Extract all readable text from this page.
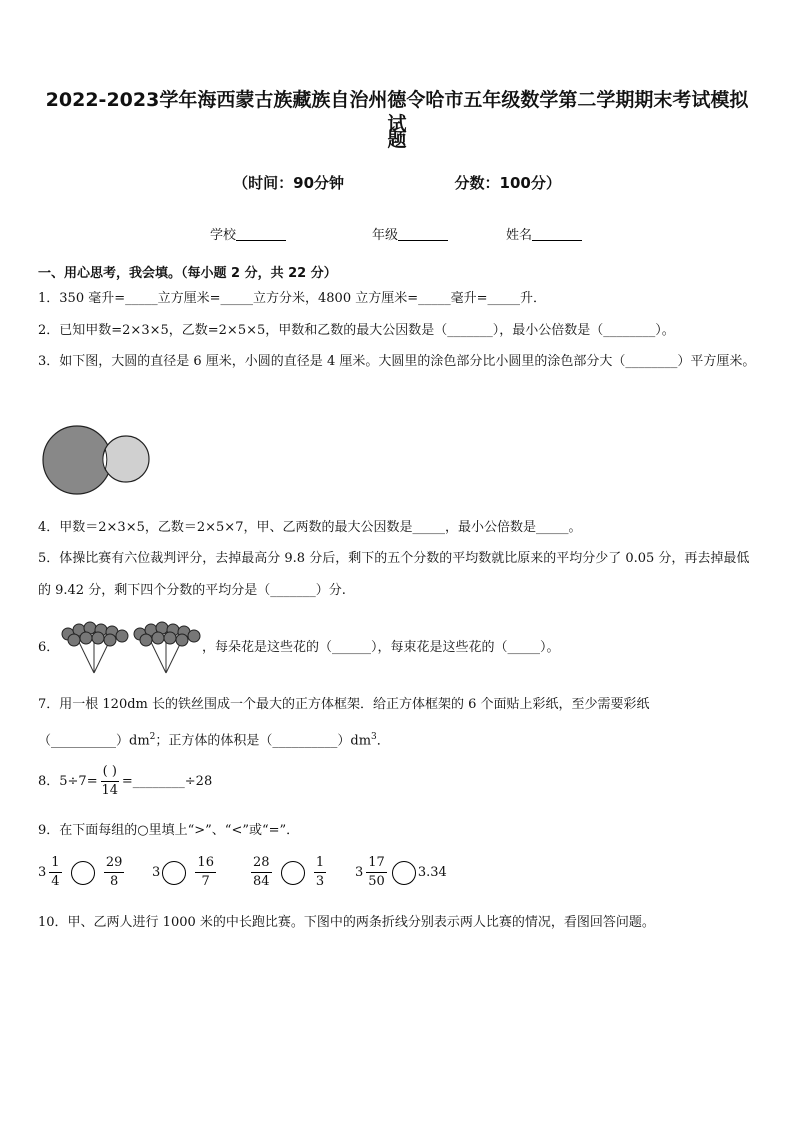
2022-2023学年海西蒙古族藏族自治州德令哈市五年级数学第二学期期末考试模拟试
题
（时间：90分钟	分数：100分）
学校	年级	姓名
一、用心思考，我会填。（每小题 2 分，共 22 分）
1．350 毫升=_____立方厘米=_____立方分米，4800 立方厘米=_____毫升=_____升．
2．已知甲数=2×3×5，乙数=2×5×5，甲数和乙数的最大公因数是（_______），最小公倍数是（________）。
3．如下图，大圆的直径是 6 厘米，小圆的直径是 4 厘米。大圆里的涂色部分比小圆里的涂色部分大（________）平方厘米。
4．甲数＝2×3×5，乙数＝2×5×7，甲、乙两数的最大公因数是_____，最小公倍数是_____。
5．体操比赛有六位裁判评分，去掉最高分 9.8 分后，剩下的五个分数的平均数就比原来的平均分少了 0.05 分，再去掉最低的 9.42 分，剩下四个分数的平均分是（_______）分.
6．	，每朵花是这些花的（______），每束花是这些花的（_____）。
7．用一根 120dm 长的铁丝围成一个最大的正方体框架．给正方体框架的 6 个面贴上彩纸，至少需要彩纸
$(\_\_\_\_\_\_\_\_\_\_)dm^2$；正方体的体积是$(\_\_\_\_\_\_\_\_\_\_)dm^3$．
8．$5\div 7= \frac{( )}{14}$ =________÷28
9．在下面每组的○里填上“>”、“<”或“=”．
$3 \frac{1}{4}$
	$\frac{29}{8} 3$	$\frac{16}{7}$	$\frac{28}{84}$
	$\frac{1}{3} 3 \frac{17}{50} 3.34$
10．甲、乙两人进行 1000 米的中长跑比赛。下图中的两条折线分别表示两人比赛的情况，看图回答问题。
